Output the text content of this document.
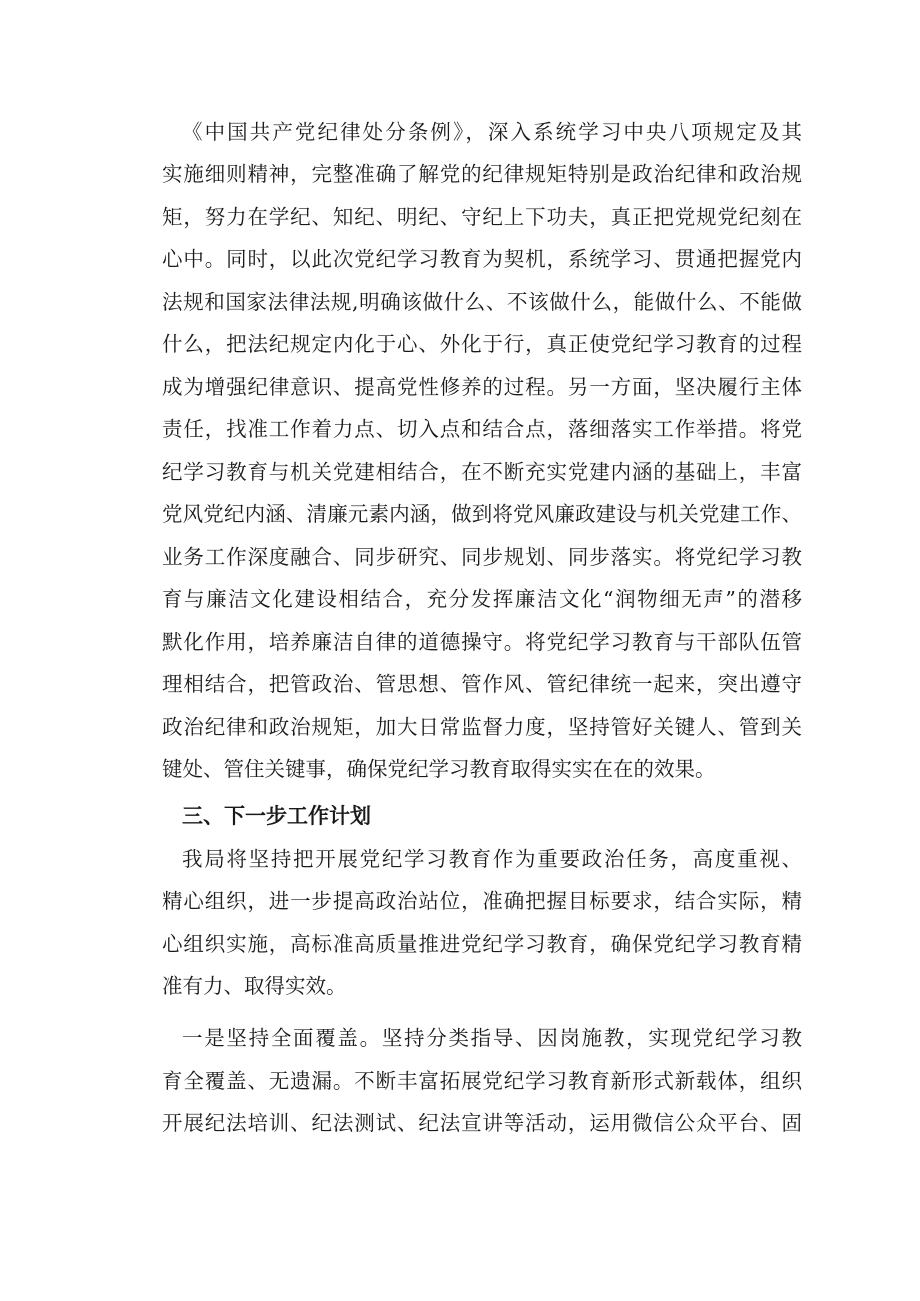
《中国共产党纪律处分条例》，深入系统学习中央八项规定及其
实施细则精神，完整准确了解党的纪律规矩特别是政治纪律和政治规
矩，努力在学纪、知纪、明纪、守纪上下功夫，真正把党规党纪刻在
心中。同时，以此次党纪学习教育为契机，系统学习、贯通把握党内
法规和国家法律法规,明确该做什么、不该做什么，能做什么、不能做
什么，把法纪规定内化于心、外化于行，真正使党纪学习教育的过程
成为增强纪律意识、提高党性修养的过程。另一方面，坚决履行主体
责任，找准工作着力点、切入点和结合点，落细落实工作举措。将党
纪学习教育与机关党建相结合，在不断充实党建内涵的基础上，丰富
党风党纪内涵、清廉元素内涵，做到将党风廉政建设与机关党建工作、
业务工作深度融合、同步研究、同步规划、同步落实。将党纪学习教
育与廉洁文化建设相结合，充分发挥廉洁文化“润物细无声”的潜移
默化作用，培养廉洁自律的道德操守。将党纪学习教育与干部队伍管
理相结合，把管政治、管思想、管作风、管纪律统一起来，突出遵守
政治纪律和政治规矩，加大日常监督力度，坚持管好关键人、管到关
键处、管住关键事，确保党纪学习教育取得实实在在的效果。
三、下一步工作计划
我局将坚持把开展党纪学习教育作为重要政治任务，高度重视、
精心组织，进一步提高政治站位，准确把握目标要求，结合实际，精
心组织实施，高标准高质量推进党纪学习教育，确保党纪学习教育精
准有力、取得实效。
一是坚持全面覆盖。坚持分类指导、因岗施教，实现党纪学习教
育全覆盖、无遗漏。不断丰富拓展党纪学习教育新形式新载体，组织
开展纪法培训、纪法测试、纪法宣讲等活动，运用微信公众平台、固
